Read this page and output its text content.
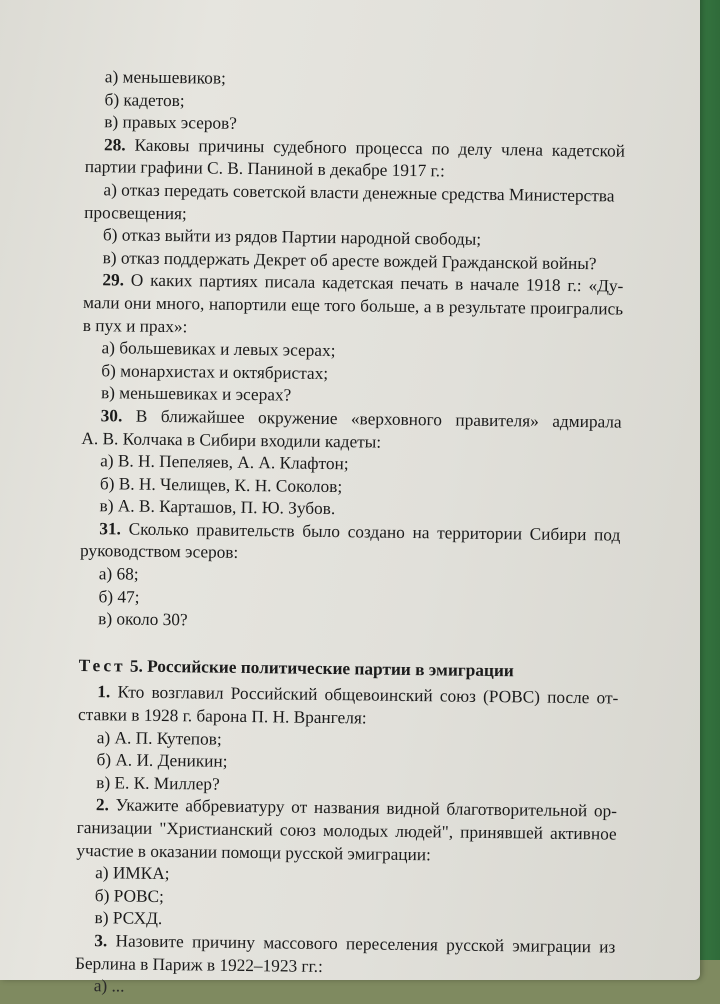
а) меньшевиков;
б) кадетов;
в) правых эсеров?
28. Каковы причины судебного процесса по делу члена кадетской
партии графини С. В. Паниной в декабре 1917 г.:
а) отказ передать советской власти денежные средства Министерства
просвещения;
б) отказ выйти из рядов Партии народной свободы;
в) отказ поддержать Декрет об аресте вождей Гражданской войны?
29. О каких партиях писала кадетская печать в начале 1918 г.: «Ду-
мали они много, напортили еще того больше, а в результате проигрались
в пух и прах»:
а) большевиках и левых эсерах;
б) монархистах и октябристах;
в) меньшевиках и эсерах?
30. В ближайшее окружение «верховного правителя» адмирала
А. В. Колчака в Сибири входили кадеты:
а) В. Н. Пепеляев, А. А. Клафтон;
б) В. Н. Челищев, К. Н. Соколов;
в) А. В. Карташов, П. Ю. Зубов.
31. Сколько правительств было создано на территории Сибири под
руководством эсеров:
а) 68;
б) 47;
в) около 30?
Тест 5. Российские политические партии в эмиграции
1. Кто возглавил Российский общевоинский союз (РОВС) после от-
ставки в 1928 г. барона П. Н. Врангеля:
а) А. П. Кутепов;
б) А. И. Деникин;
в) Е. К. Миллер?
2. Укажите аббревиатуру от названия видной благотворительной ор-
ганизации "Христианский союз молодых людей", принявшей активное
участие в оказании помощи русской эмиграции:
а) ИМКА;
б) РОВС;
в) РСХД.
3. Назовите причину массового переселения русской эмиграции из
Берлина в Париж в 1922–1923 гг.:
а) ...
